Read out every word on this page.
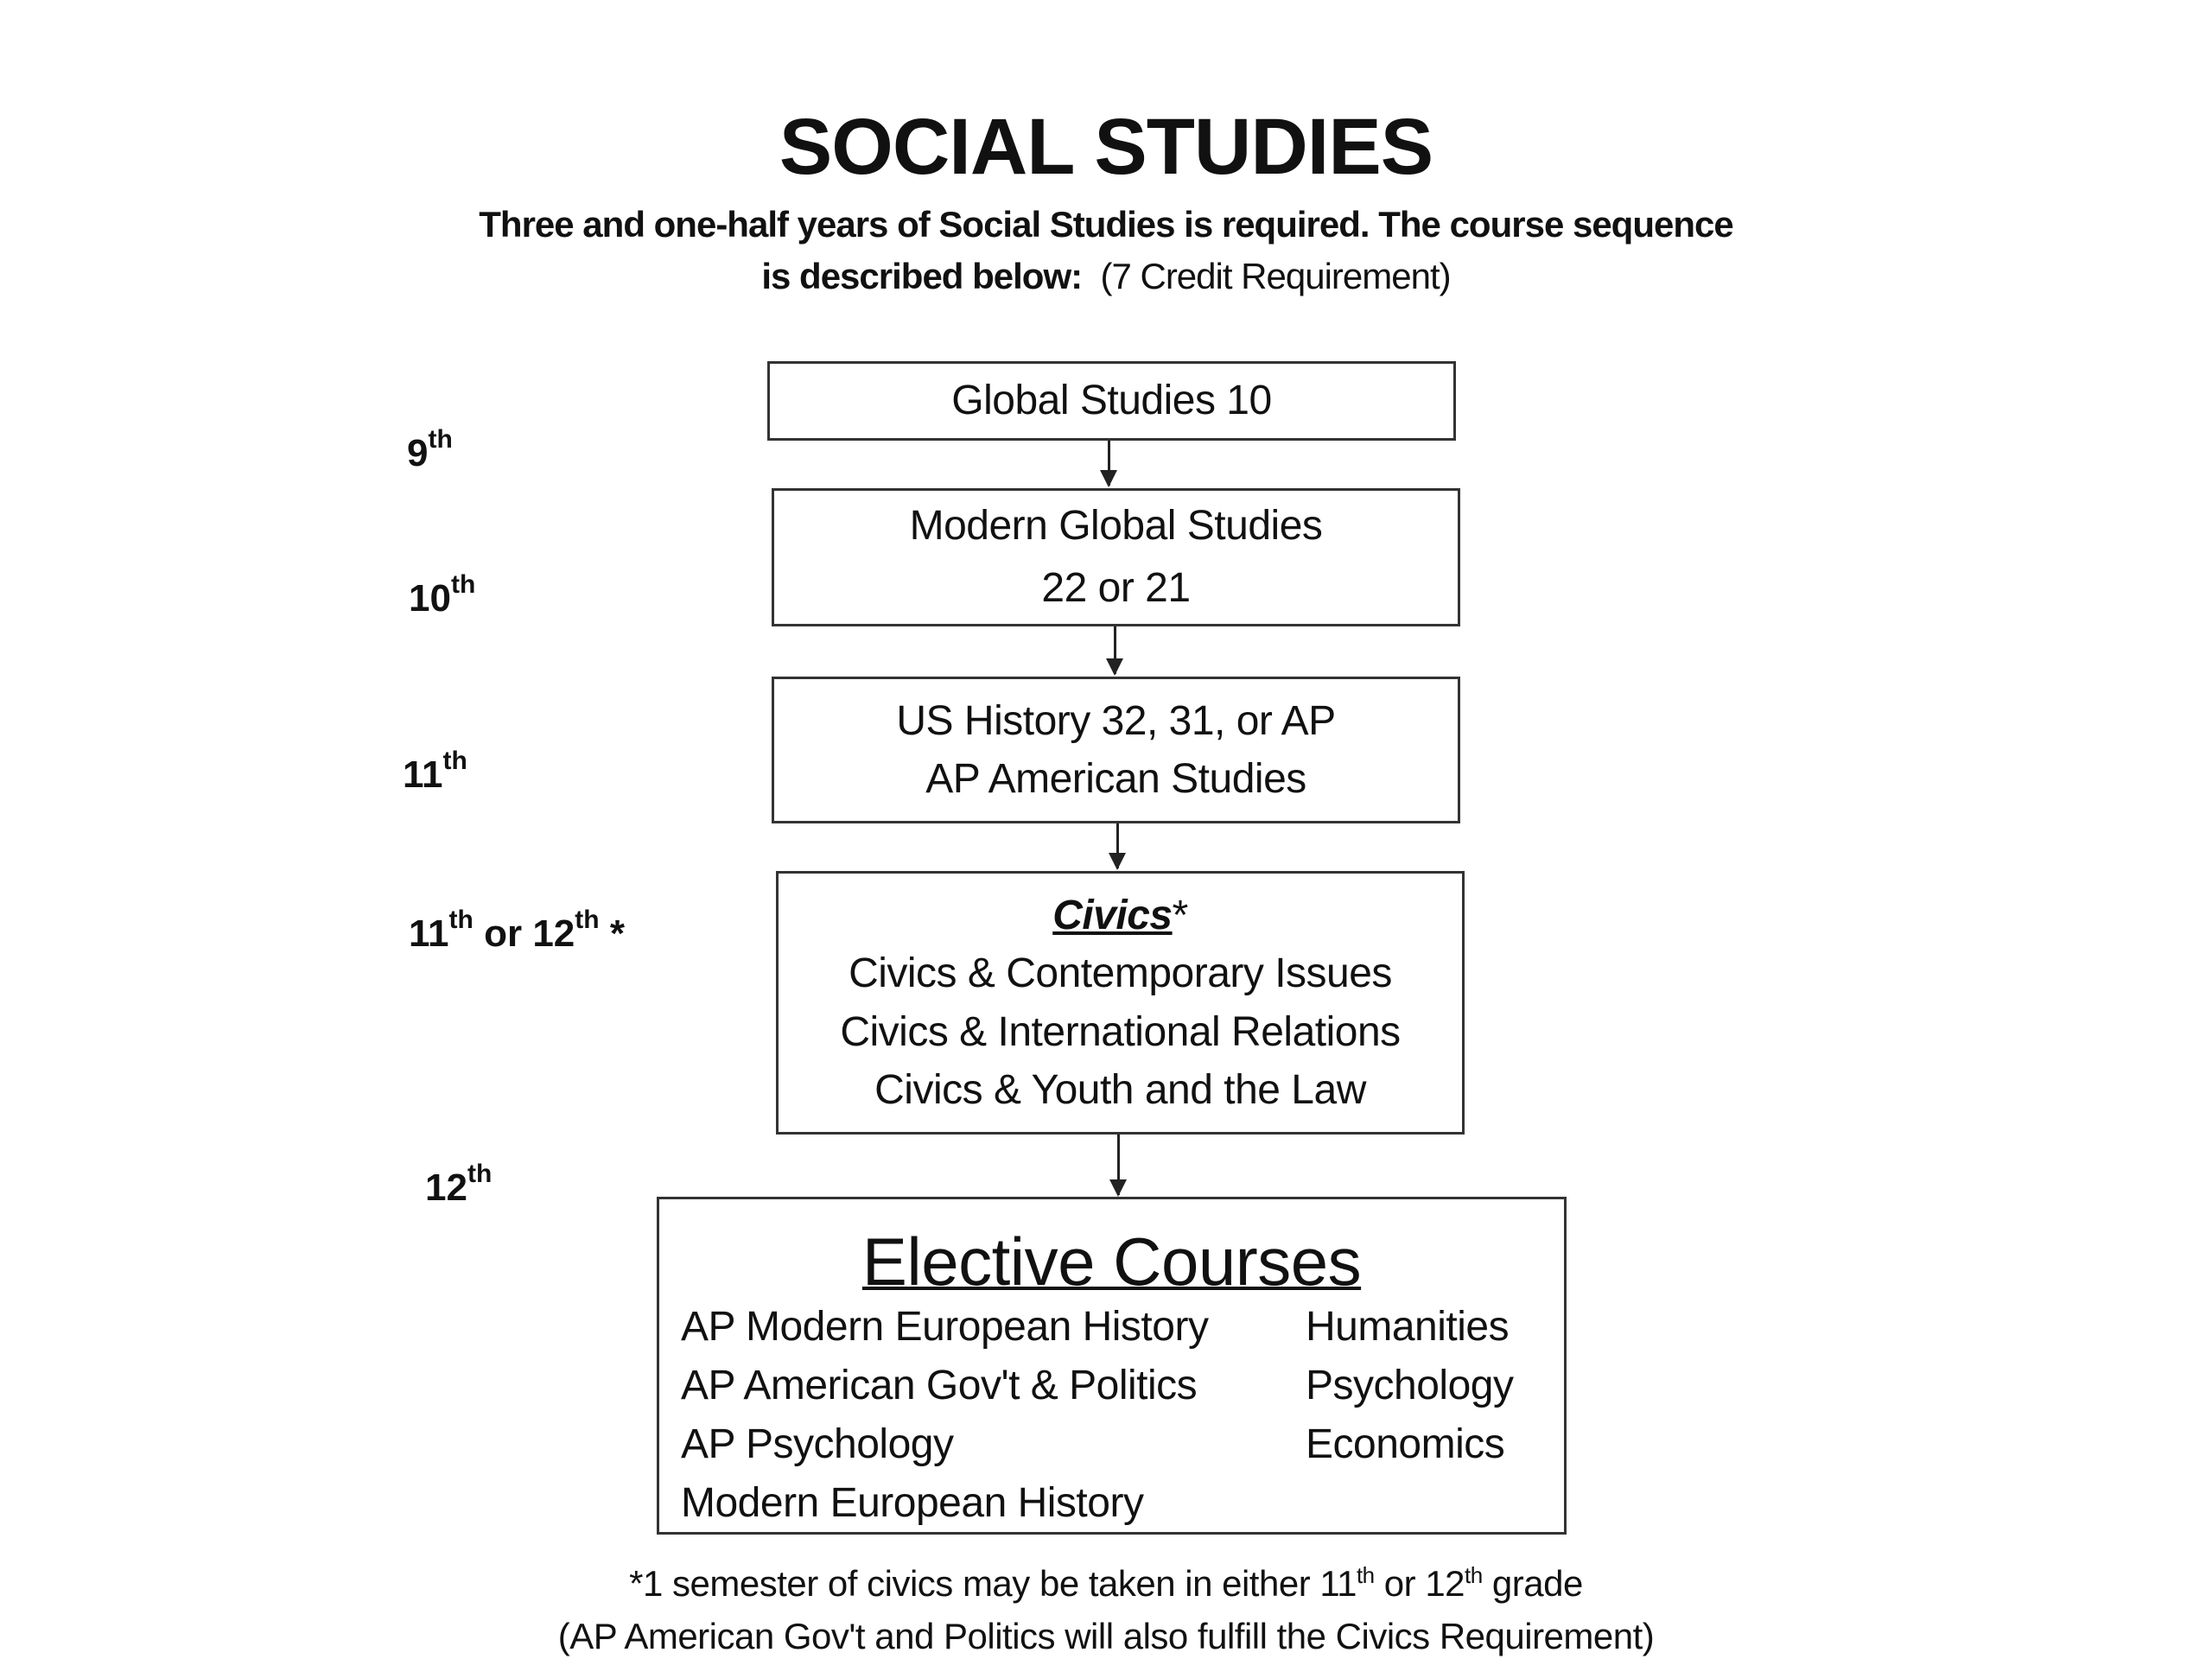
SOCIAL STUDIES
Three and one-half years of Social Studies is required. The course sequence
is described below: (7 Credit Requirement)
9th
10th
11th
11th or 12th *
12th
Global Studies 10
Modern Global Studies
22 or 21
US History 32, 31, or AP
AP American Studies
Civics*
Civics & Contemporary Issues
Civics & International Relations
Civics & Youth and the Law
Elective Courses
AP Modern European History
AP American Gov't & Politics
AP Psychology
Modern European History
Humanities
Psychology
Economics
*1 semester of civics may be taken in either 11th or 12th grade
(AP American Gov't and Politics will also fulfill the Civics Requirement)
